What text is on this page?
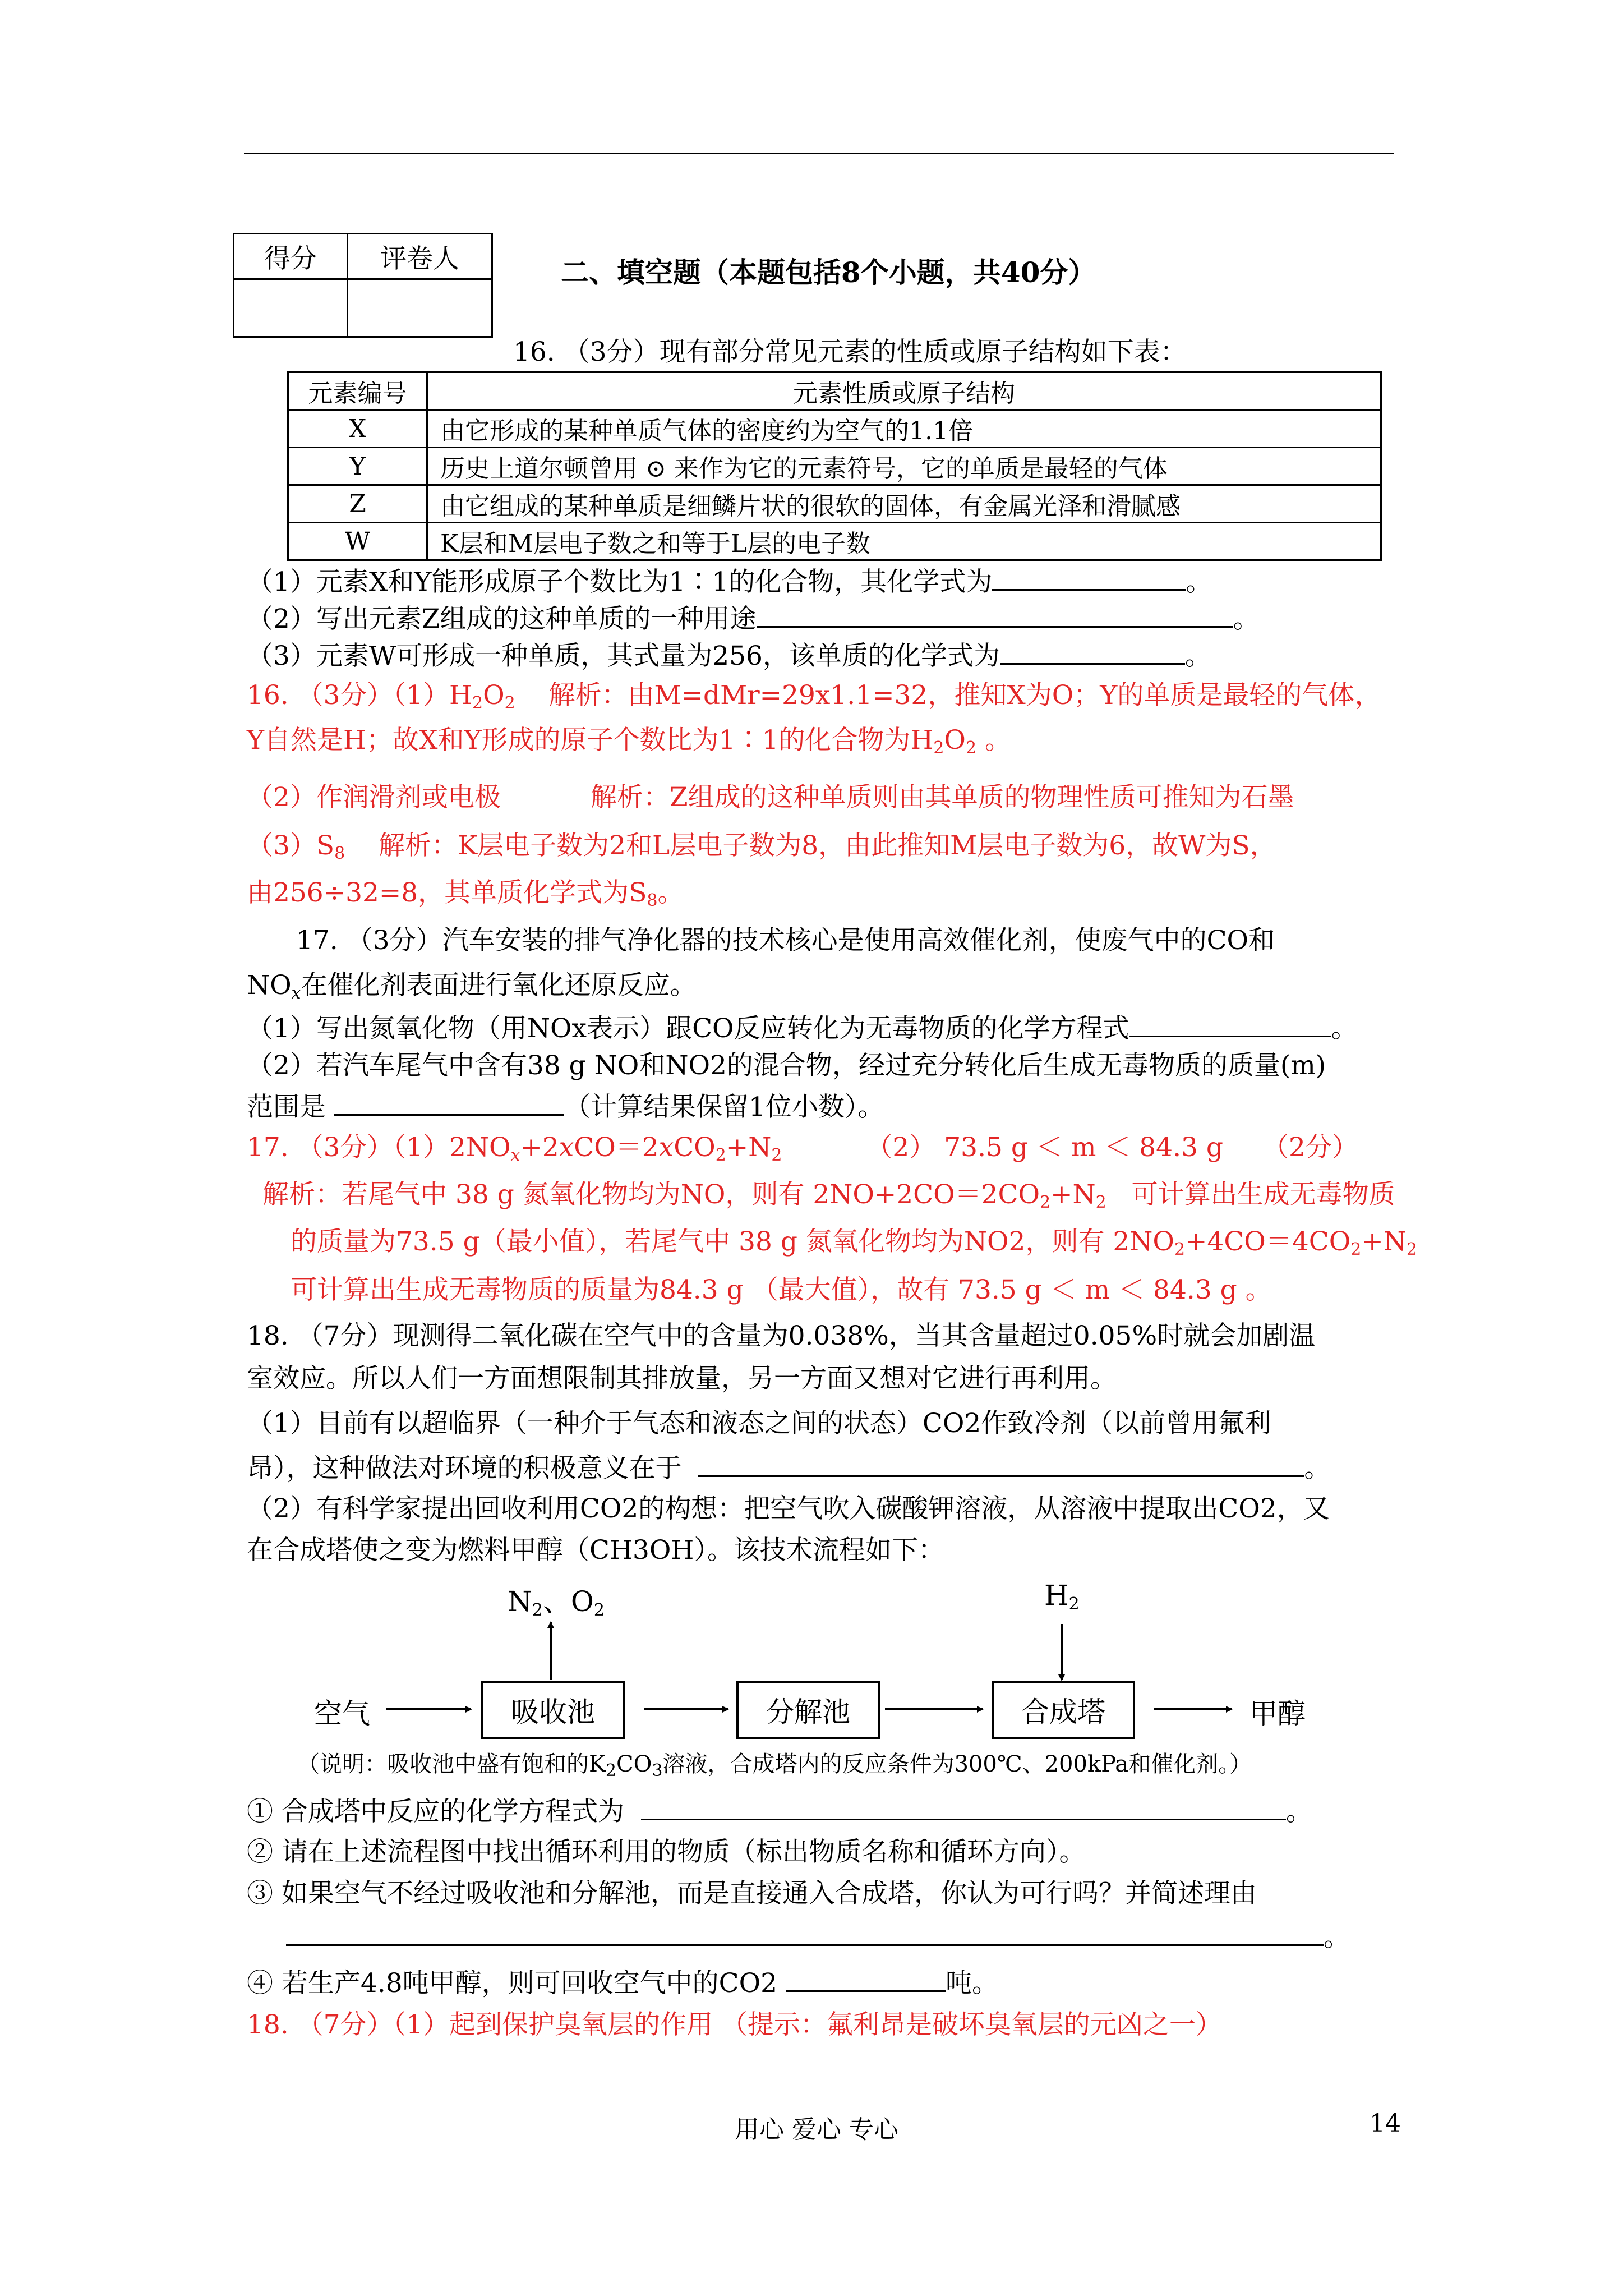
得分	评卷人
		二、填空题（本题包括8个小题，共40分）
16. （3分）现有部分常见元素的性质或原子结构如下表：
元素编号	元素性质或原子结构
X	由它形成的某种单质气体的密度约为空气的1.1倍
Y	历史上道尔顿曾用 ⊙ 来作为它的元素符号，它的单质是最轻的气体
Z	由它组成的某种单质是细鳞片状的很软的固体，有金属光泽和滑腻感
W	K层和M层电子数之和等于L层的电子数
（1）元素X和Y能形成原子个数比为1∶1的化合物，其化学式为	。
（2）写出元素Z组成的这种单质的一种用途	。
（3）元素W可形成一种单质，其式量为256，该单质的化学式为	。
16. （3分）$(1)H_2O_2$ 解析：由M=dMr=29x1.1=32，推知X为O；Y的单质是最轻的气体，
Y自然是H；故X和Y形成的原子个数比为1∶1的化合物为$H_2O_2$ 。
（2）作润滑剂或电极	解析：Z组成的这种单质则由其单质的物理性质可推知为石墨
$(3)S_8$ 解析：K层电子数为2和L层电子数为8，由此推知M层电子数为6，故W为S，
由256÷32=8，其单质化学式为$S_8$。
17. （3分）汽车安装的排气净化器的技术核心是使用高效催化剂，使废气中的CO和
$NO_x$在催化剂表面进行氧化还原反应。
（1）写出氮氧化物（用NOx表示）跟CO反应转化为无毒物质的化学方程式	。
（2）若汽车尾气中含有38 g NO和NO2的混合物，经过充分转化后生成无毒物质的质量(m)
范围是	（计算结果保留1位小数）。
17. （3分）$(1)2NO_x+2xCO=2xCO_2+N_2$	（2） 73.5 g ＜ m ＜ 84.3 g （2分）
解析：若尾气中 38 g 氮氧化物均为NO，则有 $2NO+2CO=2CO_2+N_2$ 可计算出生成无毒物质
的质量为73.5 g（最小值），若尾气中 38 g 氮氧化物均为NO2，则有 $2NO_2+4CO=4CO_2+N_2$
可计算出生成无毒物质的质量为84.3 g （最大值），故有 73.5 g ＜ m ＜ 84.3 g 。
18. （7分）现测得二氧化碳在空气中的含量为0.038%，当其含量超过0.05%时就会加剧温
室效应。所以人们一方面想限制其排放量，另一方面又想对它进行再利用。
（1）目前有以超临界（一种介于气态和液态之间的状态）CO2作致冷剂（以前曾用氟利
昂），这种做法对环境的积极意义在于	。
（2）有科学家提出回收利用CO2的构想：把空气吹入碳酸钾溶液，从溶液中提取出CO2，又
在合成塔使之变为燃料甲醇（CH3OH）。该技术流程如下：
空气	吸收池	分解池	合成塔	甲醇
$N_2$、$O_2$	$H_2$
（说明：吸收池中盛有饱和的$K_2CO_3$溶液，合成塔内的反应条件为300℃、200kPa和催化剂。）
① 合成塔中反应的化学方程式为	。
② 请在上述流程图中找出循环利用的物质（标出物质名称和循环方向）。
③ 如果空气不经过吸收池和分解池，而是直接通入合成塔，你认为可行吗？并简述理由
。
④ 若生产4.8吨甲醇，则可回收空气中的CO2	吨。
18. （7分）（1）起到保护臭氧层的作用 （提示：氟利昂是破坏臭氧层的元凶之一）
用心 爱心 专心	14
